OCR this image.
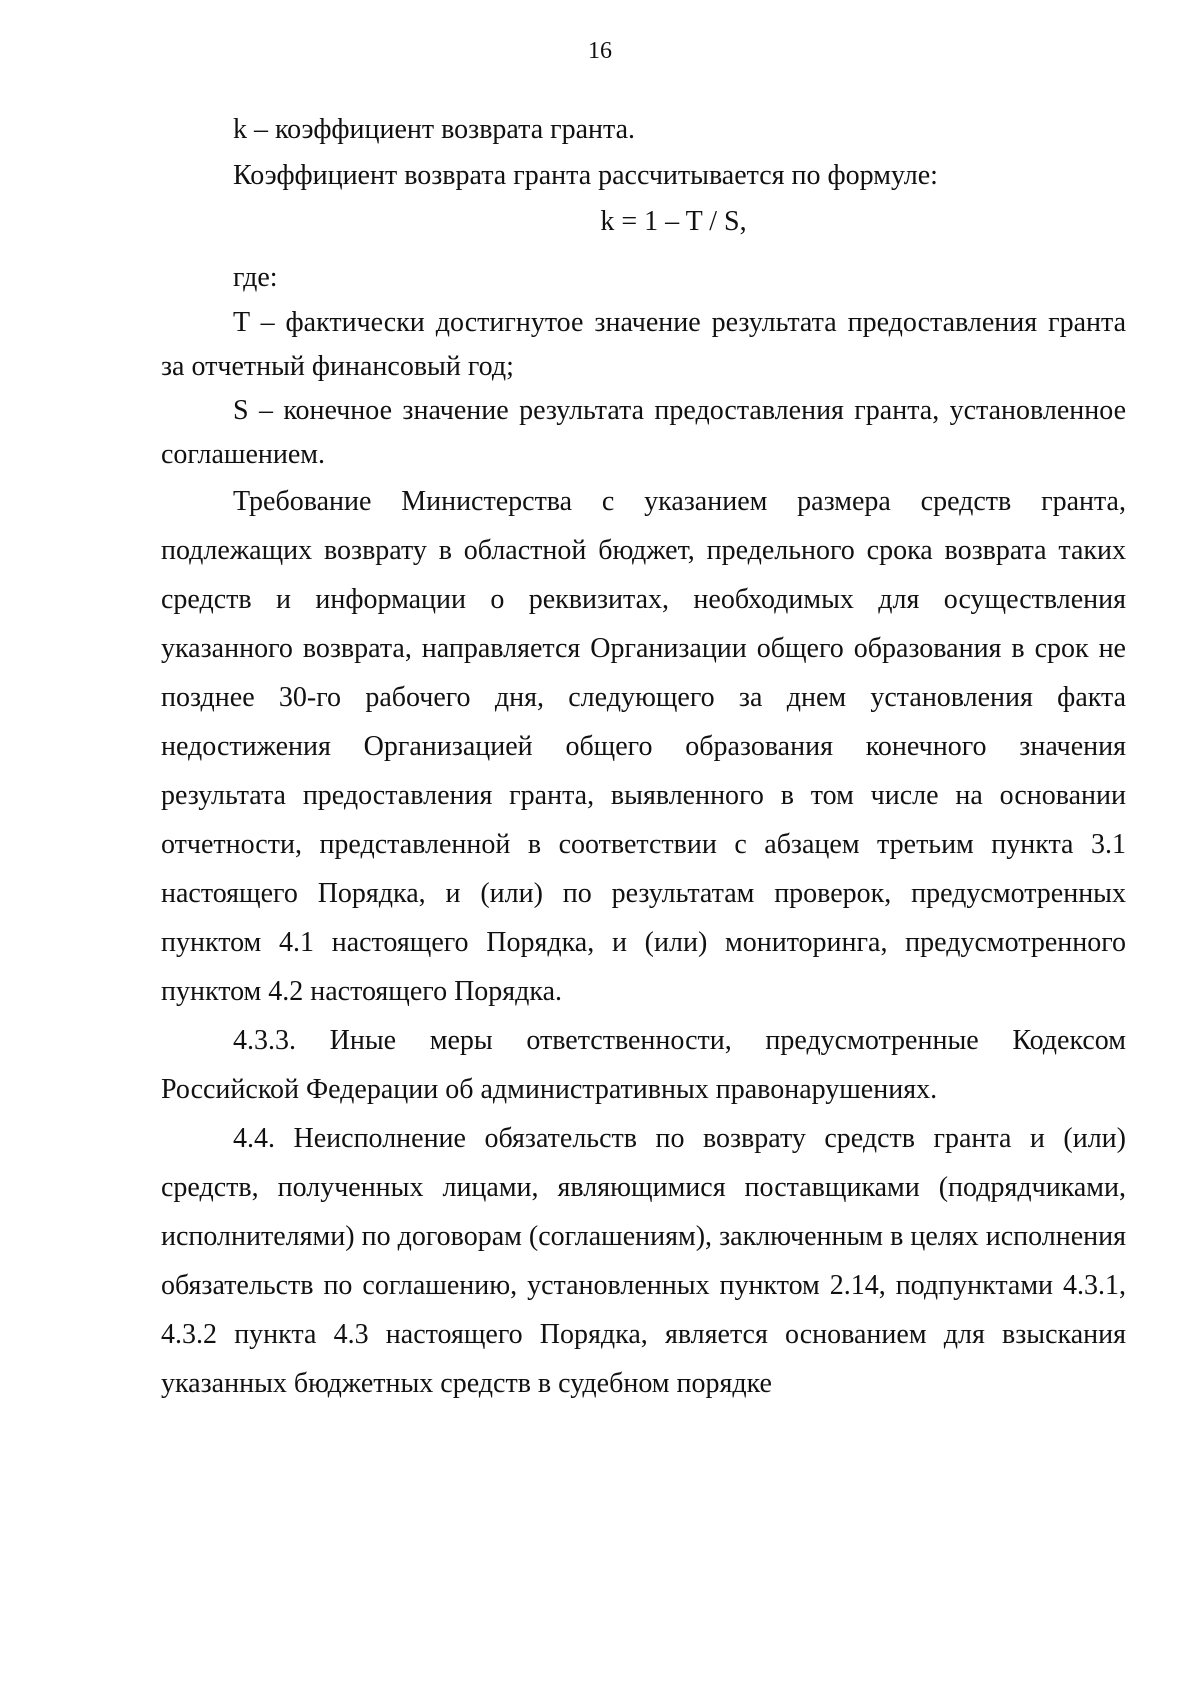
16

k – коэффициент возврата гранта.

Коэффициент возврата гранта рассчитывается по формуле:

k = 1 – T / S,

где:

T – фактически достигнутое значение результата предоставления гранта за отчетный финансовый год;

S – конечное значение результата предоставления гранта, установленное соглашением.

Требование Министерства с указанием размера средств гранта, подлежащих возврату в областной бюджет, предельного срока возврата таких средств и информации о реквизитах, необходимых для осуществления указанного возврата, направляется Организации общего образования в срок не позднее 30-го рабочего дня, следующего за днем установления факта недостижения Организацией общего образования конечного значения результата предоставления гранта, выявленного в том числе на основании отчетности, представленной в соответствии с абзацем третьим пункта 3.1 настоящего Порядка, и (или) по результатам проверок, предусмотренных пунктом 4.1 настоящего Порядка, и (или) мониторинга, предусмотренного пунктом 4.2 настоящего Порядка.

4.3.3. Иные меры ответственности, предусмотренные Кодексом Российской Федерации об административных правонарушениях.

4.4. Неисполнение обязательств по возврату средств гранта и (или) средств, полученных лицами, являющимися поставщиками (подрядчиками, исполнителями) по договорам (соглашениям), заключенным в целях исполнения обязательств по соглашению, установленных пунктом 2.14, подпунктами 4.3.1, 4.3.2 пункта 4.3 настоящего Порядка, является основанием для взыскания указанных бюджетных средств в судебном порядке
